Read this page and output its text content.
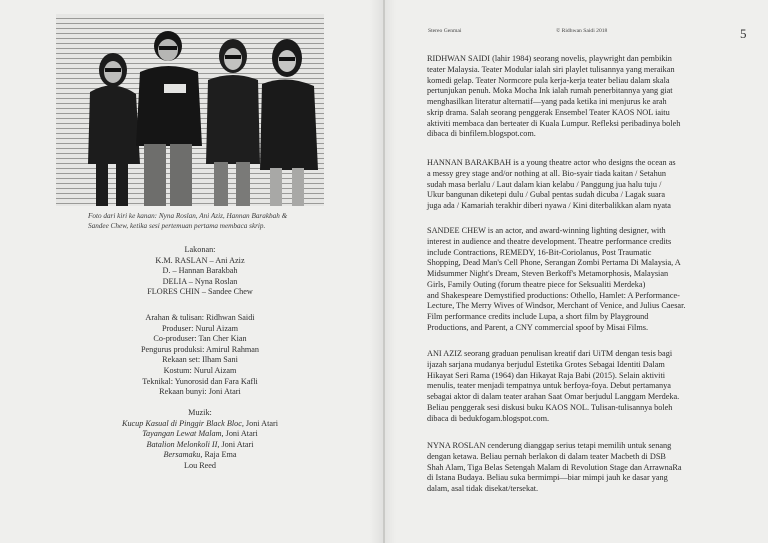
Foto dari kiri ke kanan: Nyna Roslan, Ani Aziz, Hannan Barakbah &
Sandee Chew, ketika sesi pertemuan pertama membaca skrip.
Lakonan:
K.M. RASLAN – Ani Aziz
D. – Hannan Barakbah
DELIA – Nyna Roslan
FLORES CHIN – Sandee Chew
Arahan & tulisan: Ridhwan Saidi
Produser: Nurul Aizam
Co-produser: Tan Cher Kian
Pengurus produksi: Amirul Rahman
Rekaan set: Ilham Sani
Kostum: Nurul Aizam
Teknikal: Yunorosid dan Fara Kafli
Rekaan bunyi: Joni Atari
Muzik:
Kucup Kasual di Pinggir Black Bloc, Joni Atari
Tayangan Lewat Malam, Joni Atari
Batalion Melonkoli II, Joni Atari
Bersamaku, Raja Ema
Lou Reed
Stereo Genmai	© Ridhwan Saidi 2018	5
RIDHWAN SAIDI (lahir 1984) seorang novelis, playwright dan pembikin
teater Malaysia. Teater Modular ialah siri playlet tulisannya yang meraikan
komedi gelap. Teater Normcore pula kerja-kerja teater beliau dalam skala
pertunjukan penuh. Moka Mocha Ink ialah rumah penerbitannya yang giat
menghasilkan literatur alternatif—yang pada ketika ini menjurus ke arah
skrip drama. Salah seorang penggerak Ensembel Teater KAOS NOL iaitu
aktiviti membaca dan berteater di Kuala Lumpur. Refleksi peribadinya boleh
dibaca di binfilem.blogspot.com.
HANNAN BARAKBAH is a young theatre actor who designs the ocean as
a messy grey stage and/or nothing at all. Bio-syair tiada kaitan / Setahun
sudah masa berlalu / Laut dalam kian kelabu / Panggung jua halu tuju /
Ukur bangunan diketepi dulu / Gubal pentas sudah dicuba / Lagak suara
juga ada / Kamariah terakhir diberi nyawa / Kini diterbalikkan alam nyata
SANDEE CHEW is an actor, and award-winning lighting designer, with
interest in audience and theatre development. Theatre performance credits
include Contractions, REMEDY, 16-Bit-Coriolanus, Post Traumatic
Shopping, Dead Man's Cell Phone, Serangan Zombi Pertama Di Malaysia, A
Midsummer Night's Dream, Steven Berkoff's Metamorphosis, Malaysian
Girls, Family Outing (forum theatre piece for Seksualiti Merdeka)
and Shakespeare Demystified productions: Othello, Hamlet: A Performance-
Lecture, The Merry Wives of Windsor, Merchant of Venice, and Julius Caesar.
Film performance credits include Lupa, a short film by Playground
Productions, and Parent, a CNY commercial spoof by Misai Films.
ANI AZIZ seorang graduan penulisan kreatif dari UiTM dengan tesis bagi
ijazah sarjana mudanya berjudul Estetika Grotes Sebagai Identiti Dalam
Hikayat Seri Rama (1964) dan Hikayat Raja Babi (2015). Selain aktiviti
menulis, teater menjadi tempatnya untuk berfoya-foya. Debut pertamanya
sebagai aktor di dalam teater arahan Saat Omar berjudul Langgam Merdeka.
Beliau penggerak sesi diskusi buku KAOS NOL. Tulisan-tulisannya boleh
dibaca di bedukfogam.blogspot.com.
NYNA ROSLAN cenderung dianggap serius tetapi memilih untuk senang
dengan ketawa. Beliau pernah berlakon di dalam teater Macbeth di DSB
Shah Alam, Tiga Belas Setengah Malam di Revolution Stage dan ArrawnaRa
di Istana Budaya. Beliau suka bermimpi—biar mimpi jauh ke dasar yang
dalam, asal tidak disekat/tersekat.
